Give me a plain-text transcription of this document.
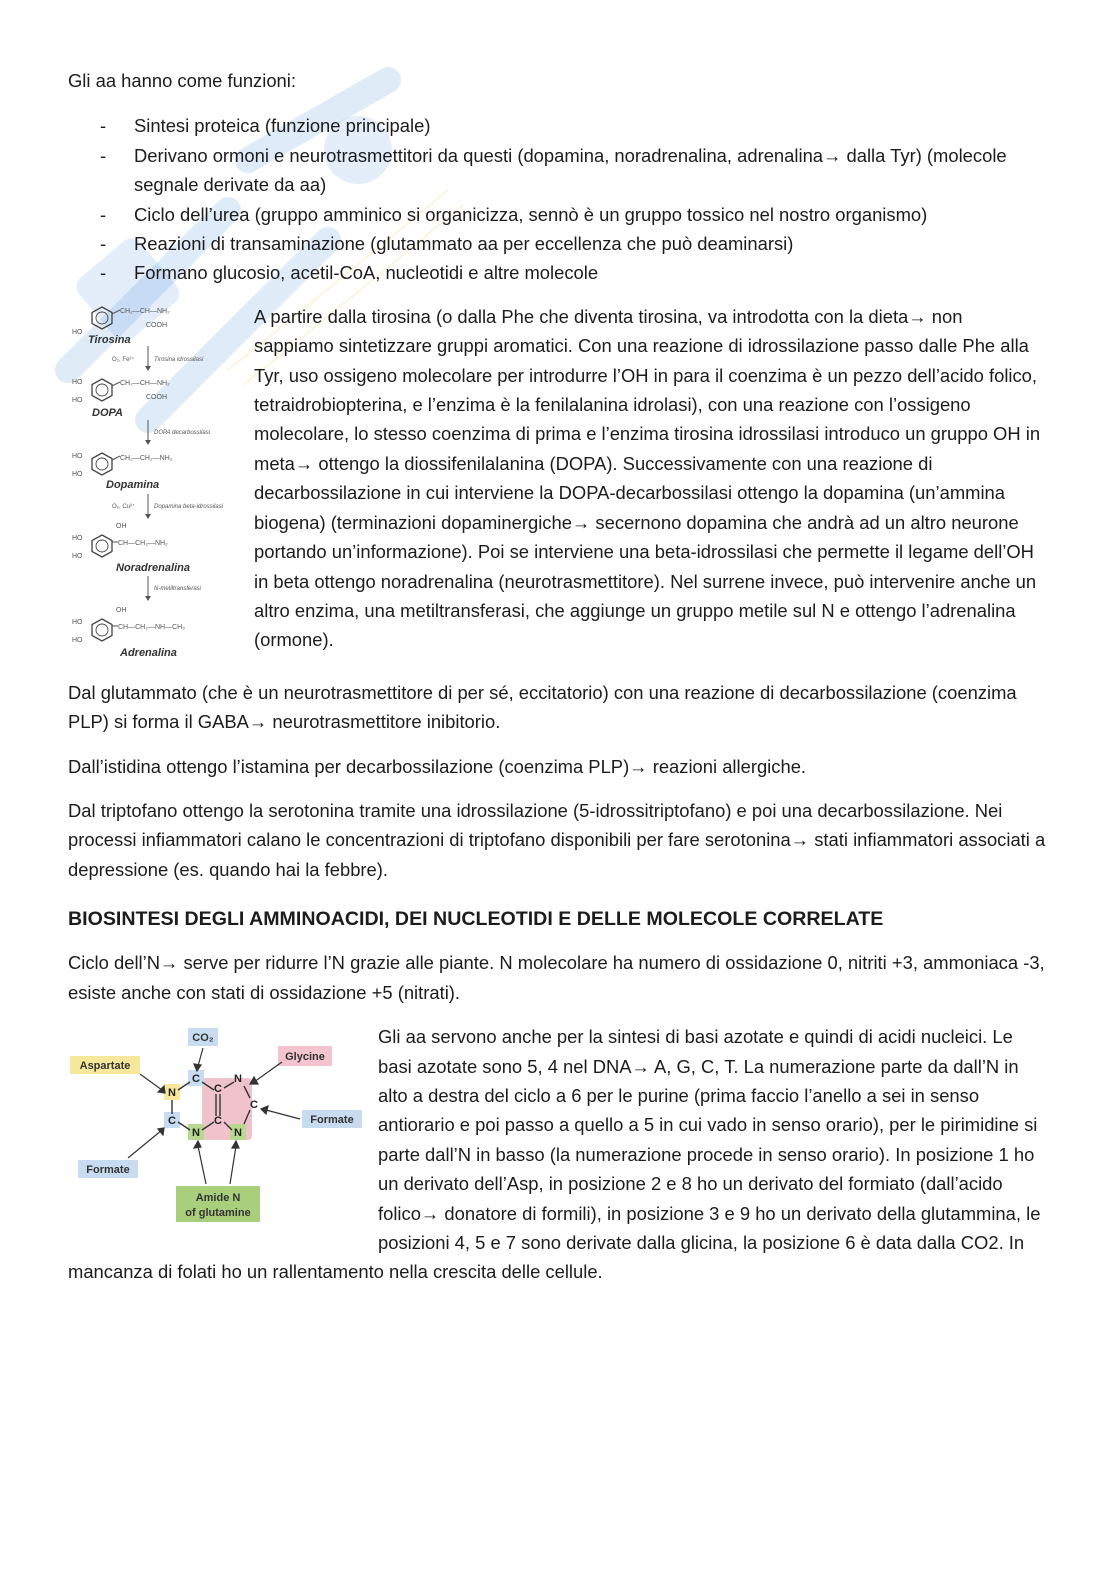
Gli aa hanno come funzioni:

- Sintesi proteica (funzione principale)
- Derivano ormoni e neurotrasmettitori da questi (dopamina, noradrenalina, adrenalina→ dalla Tyr) (molecole segnale derivate da aa)
- Ciclo dell’urea (gruppo amminico si organicizza, sennò è un gruppo tossico nel nostro organismo)
- Reazioni di transaminazione (glutammato aa per eccellenza che può deaminarsi)
- Formano glucosio, acetil-CoA, nucleotidi e altre molecole
HO
CH₂—CH—NH₂
COOH
Tirosina
Tirosina idrossilasi
O₂, Fe²⁺
HO
HO
CH₂—CH—NH₂
COOH
DOPA
DOPA decarbossilasi
HO
HO
CH₂—CH₂—NH₂
Dopamina
Dopamina beta-idrossilasi
O₂, Cu²⁺
OH
HO
HO
CH—CH₂—NH₂
Noradrenalina
N-metiltransferasi
OH
HO
HO
CH—CH₂—NH—CH₃
Adrenalina

A partire dalla tirosina (o dalla Phe che diventa tirosina, va introdotta con la dieta→ non sappiamo sintetizzare gruppi aromatici. Con una reazione di idrossilazione passo dalle Phe alla Tyr, uso ossigeno molecolare per introdurre l’OH in para il coenzima è un pezzo dell’acido folico, tetraidrobiopterina, e l’enzima è la fenilalanina idrolasi), con una reazione con l’ossigeno molecolare, lo stesso coenzima di prima e l’enzima tirosina idrossilasi introduco un gruppo OH in meta→ ottengo la diossifenilalanina (DOPA). Successivamente con una reazione di decarbossilazione in cui interviene la DOPA-decarbossilasi ottengo la dopamina (un’ammina biogena) (terminazioni dopaminergiche→ secernono dopamina che andrà ad un altro neurone portando un’informazione). Poi se interviene una beta-idrossilasi che permette il legame dell’OH in beta ottengo noradrenalina (neurotrasmettitore). Nel surrene invece, può intervenire anche un altro enzima, una metiltransferasi, che aggiunge un gruppo metile sul N e ottengo l’adrenalina (ormone).

Dal glutammato (che è un neurotrasmettitore di per sé, eccitatorio) con una reazione di decarbossilazione (coenzima PLP) si forma il GABA→ neurotrasmettitore inibitorio.

Dall’istidina ottengo l’istamina per decarbossilazione (coenzima PLP)→ reazioni allergiche.

Dal triptofano ottengo la serotonina tramite una idrossilazione (5-idrossitriptofano) e poi una decarbossilazione. Nei processi infiammatori calano le concentrazioni di triptofano disponibili per fare serotonina→ stati infiammatori associati a depressione (es. quando hai la febbre).

BIOSINTESI DEGLI AMMINOACIDI, DEI NUCLEOTIDI E DELLE MOLECOLE CORRELATE

Ciclo dell’N→ serve per ridurre l’N grazie alle piante. N molecolare ha numero di ossidazione 0, nitriti +3, ammoniaca -3, esiste anche con stati di ossidazione +5 (nitrati).

CO₂
Aspartate
Glycine
Formate
Formate
Amide N
of glutamine
N
C
C
N
C
N
C
N
C

Gli aa servono anche per la sintesi di basi azotate e quindi di acidi nucleici. Le basi azotate sono 5, 4 nel DNA→ A, G, C, T. La numerazione parte da dall’N in alto a destra del ciclo a 6 per le purine (prima faccio l’anello a sei in senso antiorario e poi passo a quello a 5 in cui vado in senso orario), per le pirimidine si parte dall’N in basso (la numerazione procede in senso orario). In posizione 1 ho un derivato dell’Asp, in posizione 2 e 8 ho un derivato del formiato (dall’acido folico→ donatore di formili), in posizione 3 e 9 ho un derivato della glutammina, le posizioni 4, 5 e 7 sono derivate dalla glicina, la posizione 6 è data dalla CO2. In mancanza di folati ho un rallentamento nella crescita delle cellule.
